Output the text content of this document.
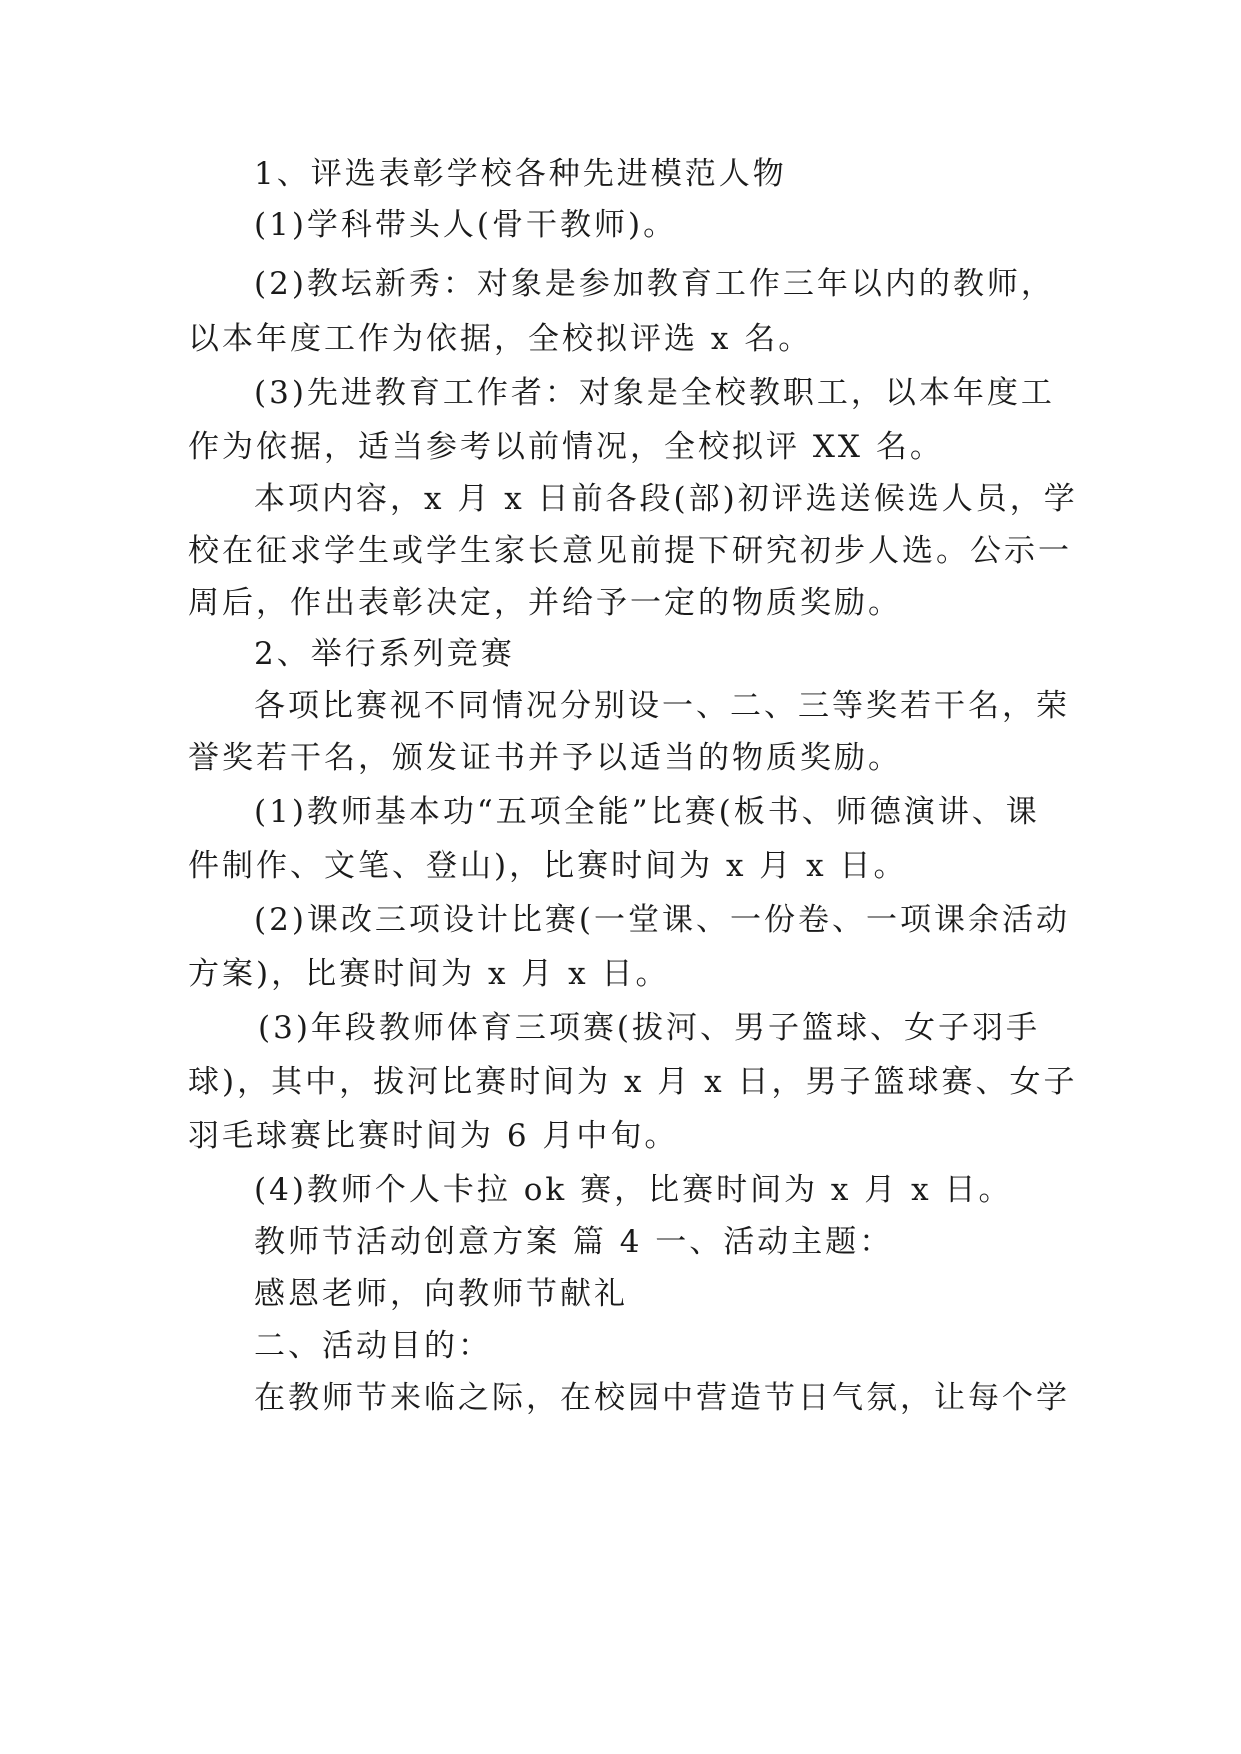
1、评选表彰学校各种先进模范人物

(1)学科带头人(骨干教师)。

(2)教坛新秀：对象是参加教育工作三年以内的教师，

以本年度工作为依据，全校拟评选 x 名。

(3)先进教育工作者：对象是全校教职工，以本年度工

作为依据，适当参考以前情况，全校拟评 XX 名。

本项内容，x 月 x 日前各段(部)初评选送候选人员，学

校在征求学生或学生家长意见前提下研究初步人选。公示一

周后，作出表彰决定，并给予一定的物质奖励。

2、举行系列竞赛

各项比赛视不同情况分别设一、二、三等奖若干名，荣

誉奖若干名，颁发证书并予以适当的物质奖励。

(1)教师基本功“五项全能”比赛(板书、师德演讲、课

件制作、文笔、登山)，比赛时间为 x 月 x 日。

(2)课改三项设计比赛(一堂课、一份卷、一项课余活动

方案)，比赛时间为 x 月 x 日。

(3)年段教师体育三项赛(拔河、男子篮球、女子羽手

球)，其中，拔河比赛时间为 x 月 x 日，男子篮球赛、女子

羽毛球赛比赛时间为 6 月中旬。

(4)教师个人卡拉 ok 赛，比赛时间为 x 月 x 日。

教师节活动创意方案 篇 4 一、活动主题：

感恩老师，向教师节献礼

二、活动目的：

在教师节来临之际，在校园中营造节日气氛，让每个学
